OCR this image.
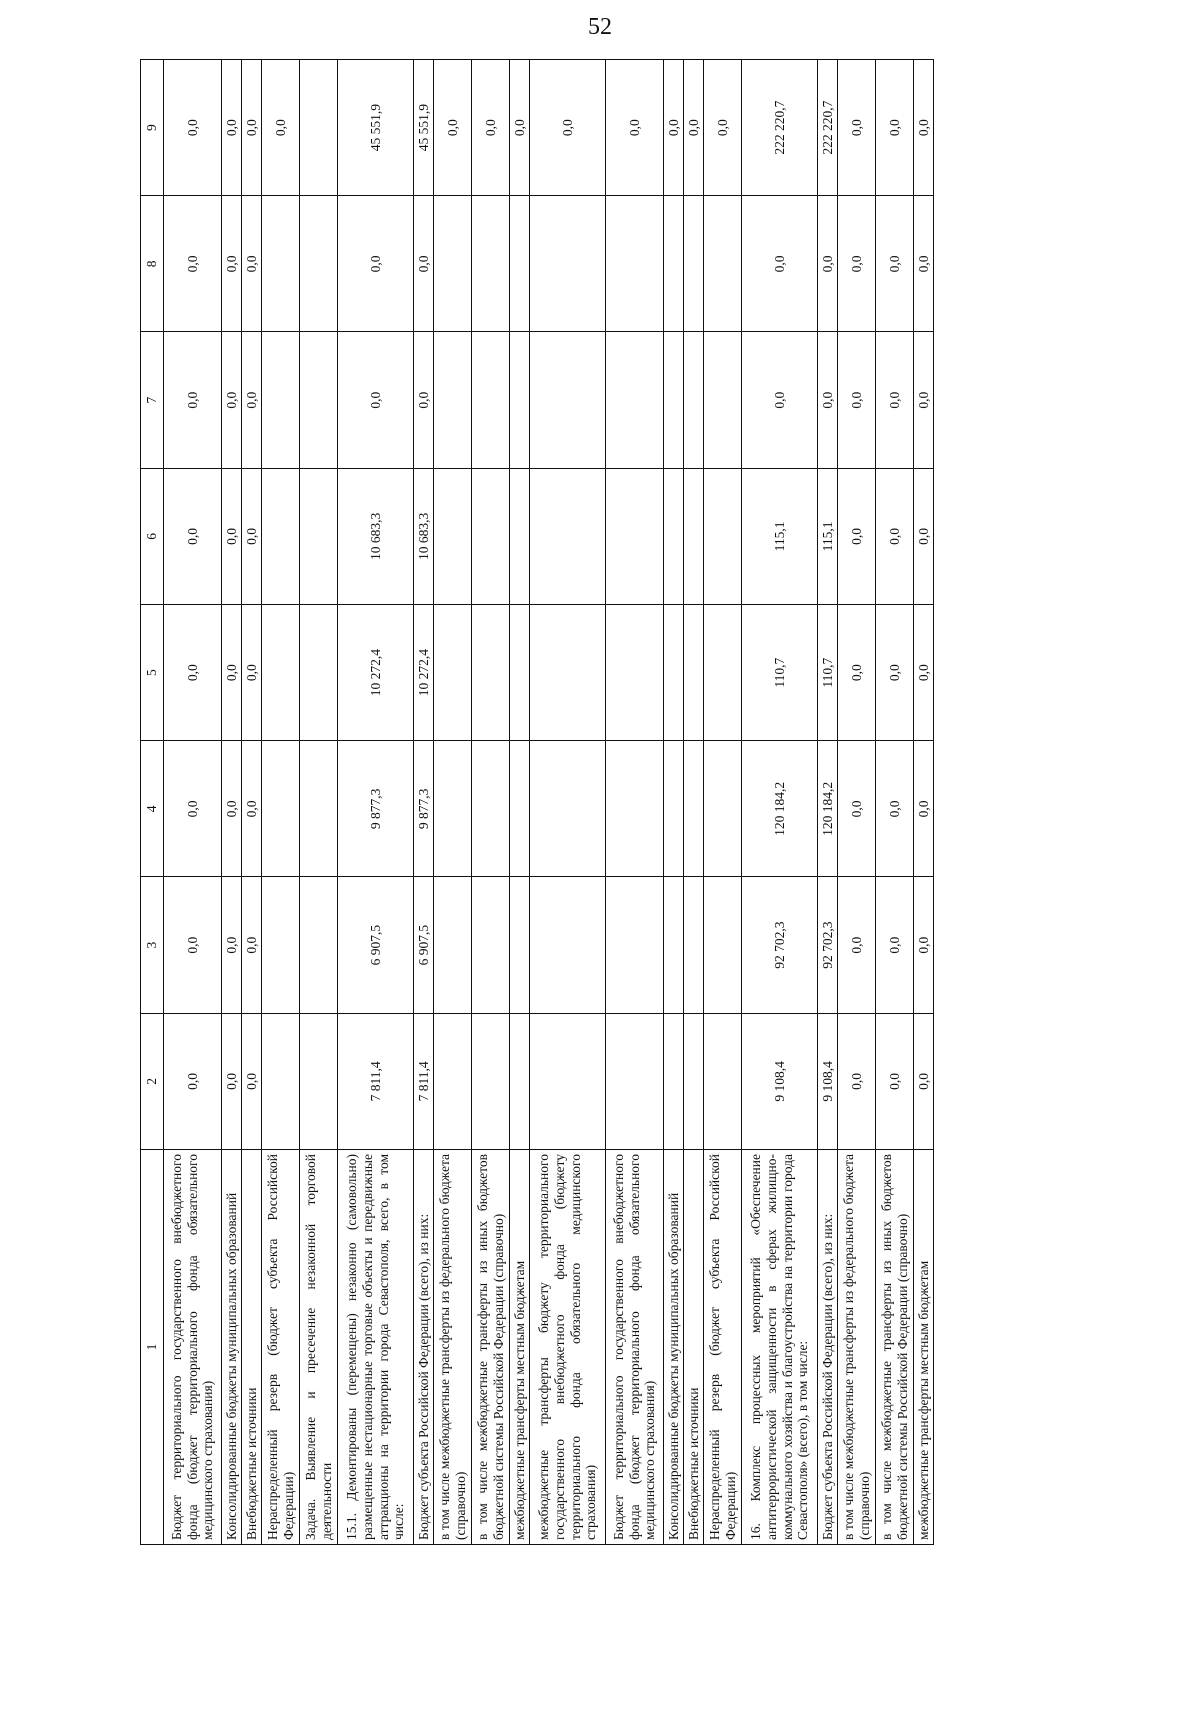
52
1	2	3	4	5	6	7	8	9
Бюджет территориального государственного внебюджетного фонда (бюджет территориального фонда обязательного медицинского страхования)	0,0	0,0	0,0	0,0	0,0	0,0	0,0	0,0
Консолидированные бюджеты муниципальных образований	0,0	0,0	0,0	0,0	0,0	0,0	0,0	0,0
Внебюджетные источники	0,0	0,0	0,0	0,0	0,0	0,0	0,0	0,0
Нераспределенный резерв (бюджет субъекта Российской Федерации)								0,0
Задача. Выявление и пресечение незаконной торговой деятельности								
15.1. Демонтированы (перемещены) незаконно (самовольно) размещенные нестационарные торговые объекты и передвижные аттракционы на территории города Севастополя, всего, в том числе:	7 811,4	6 907,5	9 877,3	10 272,4	10 683,3	0,0	0,0	45 551,9
Бюджет субъекта Российской Федерации (всего), из них:	7 811,4	6 907,5	9 877,3	10 272,4	10 683,3	0,0	0,0	45 551,9
в том числе межбюджетные трансферты из федерального бюджета (справочно)								0,0
в том числе межбюджетные трансферты из иных бюджетов бюджетной системы Российской Федерации (справочно)								0,0
межбюджетные трансферты местным бюджетам								0,0
межбюджетные трансферты бюджету территориального государственного внебюджетного фонда (бюджету территориального фонда обязательного медицинского страхования)								0,0
Бюджет территориального государственного внебюджетного фонда (бюджет территориального фонда обязательного медицинского страхования)								0,0
Консолидированные бюджеты муниципальных образований								0,0
Внебюджетные источники								0,0
Нераспределенный резерв (бюджет субъекта Российской Федерации)								0,0
16. Комплекс процессных мероприятий «Обеспечение антитеррористической защищенности в сферах жилищно-коммунального хозяйства и благоустройства на территории города Севастополя» (всего), в том числе:	9 108,4	92 702,3	120 184,2	110,7	115,1	0,0	0,0	222 220,7
Бюджет субъекта Российской Федерации (всего), из них:	9 108,4	92 702,3	120 184,2	110,7	115,1	0,0	0,0	222 220,7
в том числе межбюджетные трансферты из федерального бюджета (справочно)	0,0	0,0	0,0	0,0	0,0	0,0	0,0	0,0
в том числе межбюджетные трансферты из иных бюджетов бюджетной системы Российской Федерации (справочно)	0,0	0,0	0,0	0,0	0,0	0,0	0,0	0,0
межбюджетные трансферты местным бюджетам	0,0	0,0	0,0	0,0	0,0	0,0	0,0	0,0
